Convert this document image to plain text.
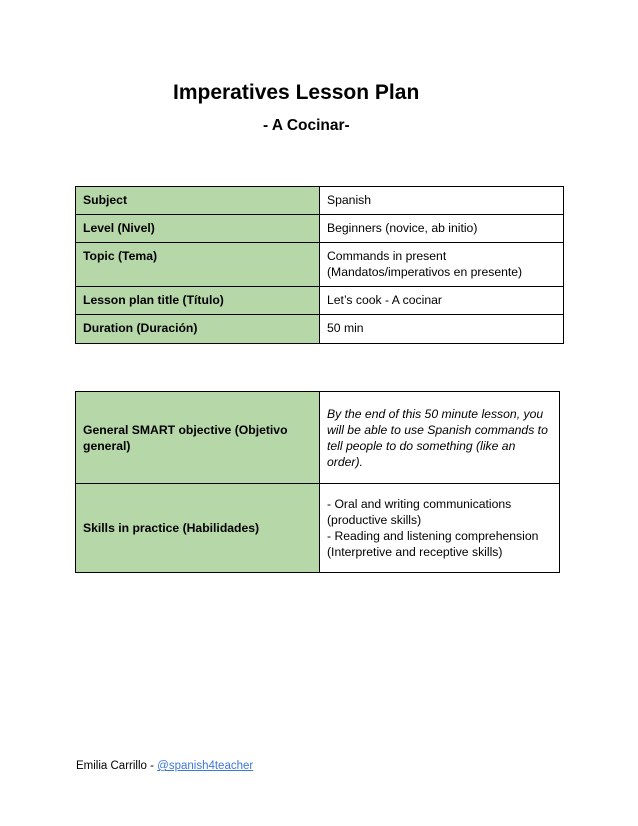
Imperatives Lesson Plan

- A Cocinar-

Subject	Spanish
Level (Nivel)	Beginners (novice, ab initio)
Topic (Tema)	Commands in present
(Mandatos/imperativos en presente)

Lesson plan title (Título)	Let’s cook - A cocinar
Duration (Duración)	50 min
General SMART objective (Objetivo general)	By the end of this 50 minute lesson, you will be able to use Spanish commands to tell people to do something (like an order).
Skills in practice (Habilidades)	- Oral and writing communications (productive skills)
- Reading and listening comprehension (Interpretive and receptive skills)
Emilia Carrillo - @spanish4teacher
